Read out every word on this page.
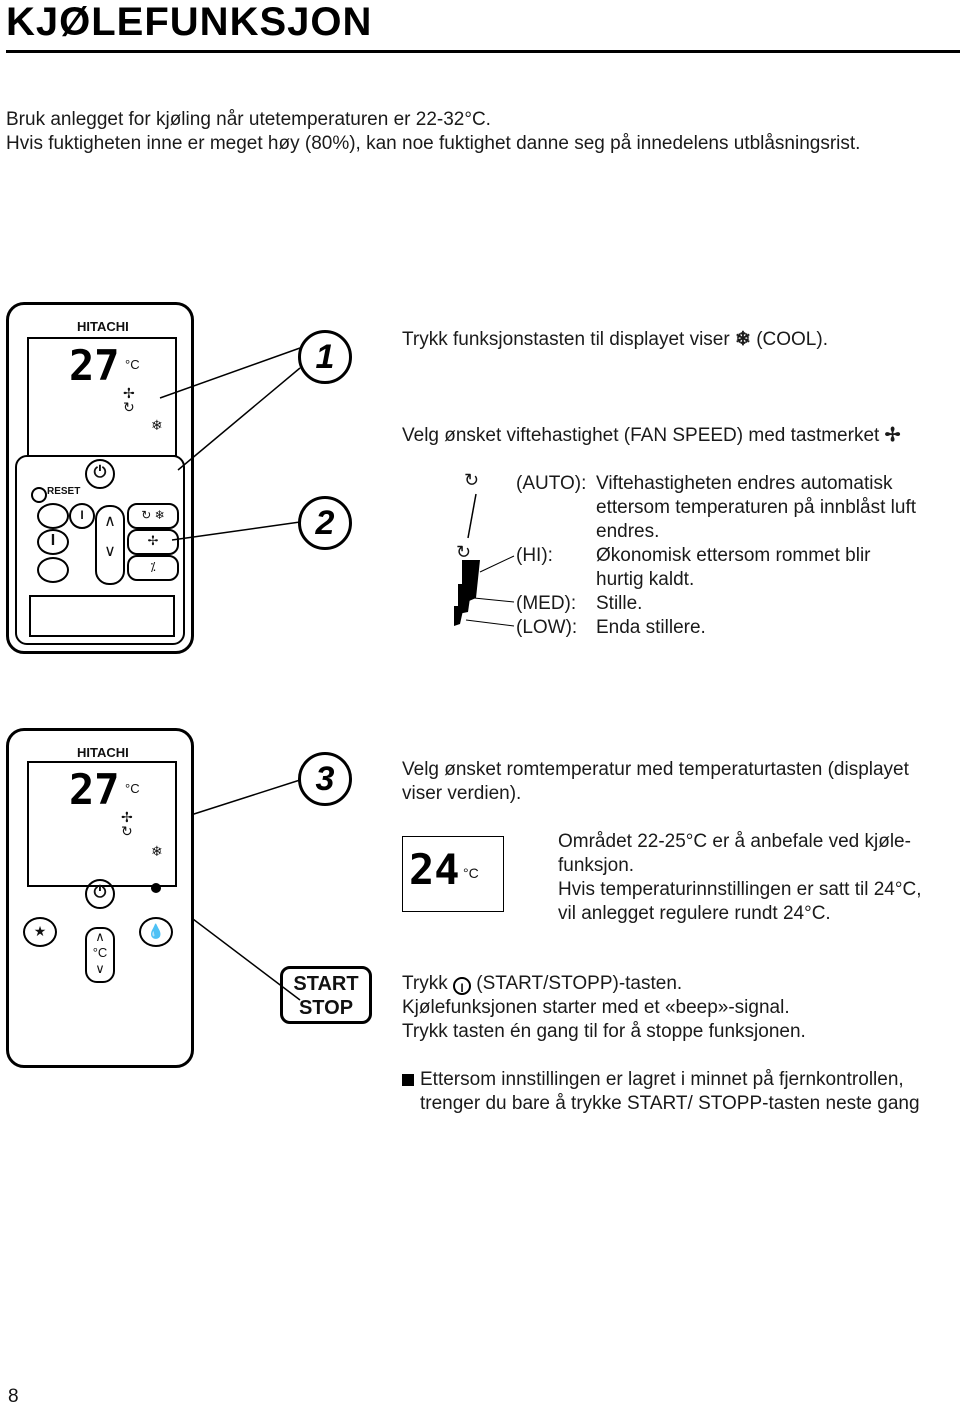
KJØLEFUNKSJON
Bruk anlegget for kjøling når utetemperaturen er 22-32°C.
Hvis fuktigheten inne er meget høy (80%), kan noe fuktighet danne seg på innedelens utblåsningsrist.
HITACHI
27 °C
✢
↻
❄
⏻
RESET
I
I
∧
∨
↻ ❄
✢
⁒
1	Trykk funksjonstasten til displayet viser ❄ (COOL).
2
Velg ønsket viftehastighet (FAN SPEED) med tastmerket ✢
↻
↻
(AUTO): Viftehastigheten endres automatisk
ettersom temperaturen på innblåst luft
endres.
(HI): Økonomisk ettersom rommet blir
hurtig kaldt.
(MED): Stille.
(LOW): Enda stillere.
HITACHI
27 °C
✢
↻
❄
⏻
★	∧
°C
∨
💧
3	Velg ønsket romtemperatur med temperaturtasten (displayet
viser verdien).
24 °C
Området 22-25°C er å anbefale ved kjøle-
funksjon.
Hvis temperaturinnstillingen er satt til 24°C,
vil anlegget regulere rundt 24°C.
START
STOP
Trykk I (START/STOPP)-tasten.
Kjølefunksjonen starter med et «beep»-signal.
Trykk tasten én gang til for å stoppe funksjonen.
Ettersom innstillingen er lagret i minnet på fjernkontrollen,
trenger du bare å trykke START/ STOPP-tasten neste gang
8
